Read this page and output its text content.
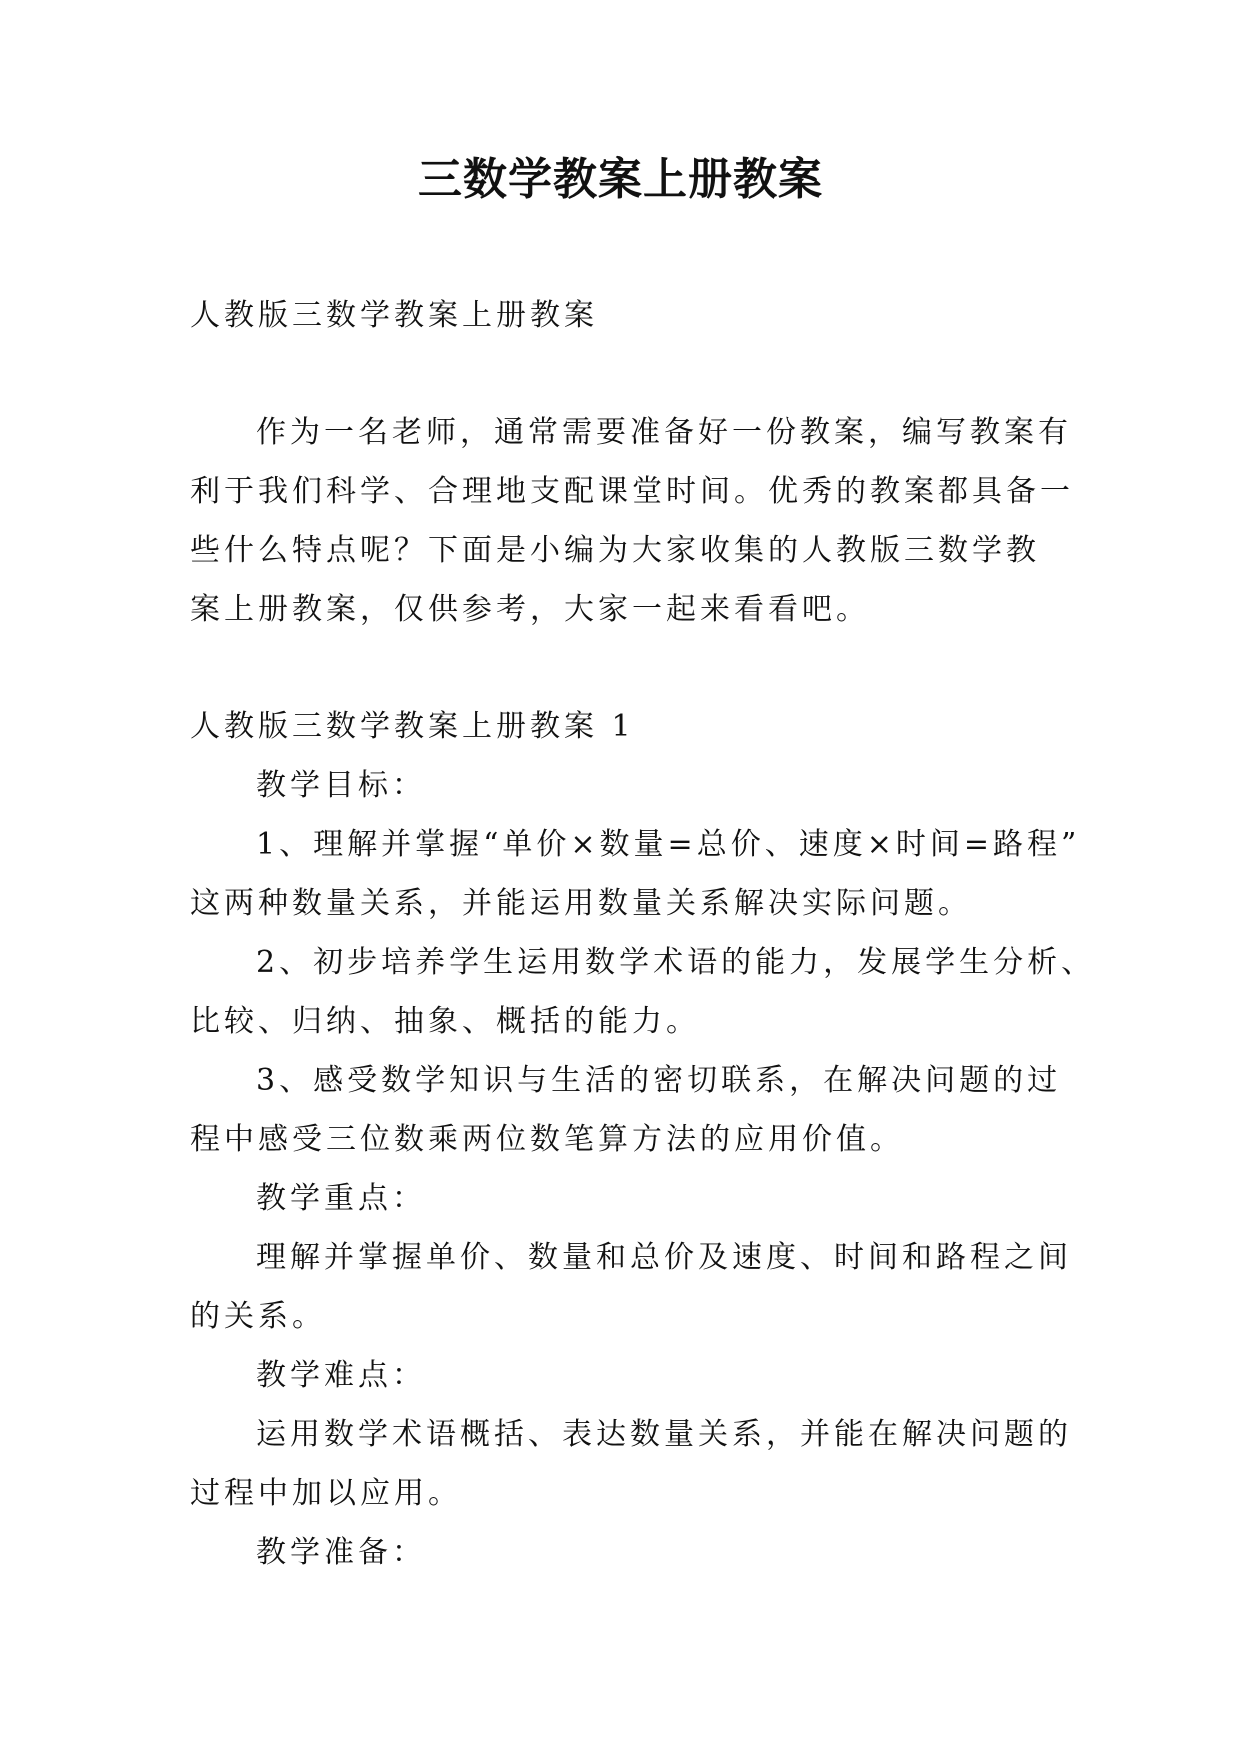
三数学教案上册教案

人教版三数学教案上册教案

作为一名老师，通常需要准备好一份教案，编写教案有
利于我们科学、合理地支配课堂时间。优秀的教案都具备一
些什么特点呢？下面是小编为大家收集的人教版三数学教
案上册教案，仅供参考，大家一起来看看吧。

人教版三数学教案上册教案 1

教学目标：

1、理解并掌握“单价×数量=总价、速度×时间=路程”
这两种数量关系，并能运用数量关系解决实际问题。
2、初步培养学生运用数学术语的能力，发展学生分析、
比较、归纳、抽象、概括的能力。
3、感受数学知识与生活的密切联系，在解决问题的过
程中感受三位数乘两位数笔算方法的应用价值。

教学重点：

理解并掌握单价、数量和总价及速度、时间和路程之间
的关系。

教学难点：

运用数学术语概括、表达数量关系，并能在解决问题的
过程中加以应用。

教学准备：
